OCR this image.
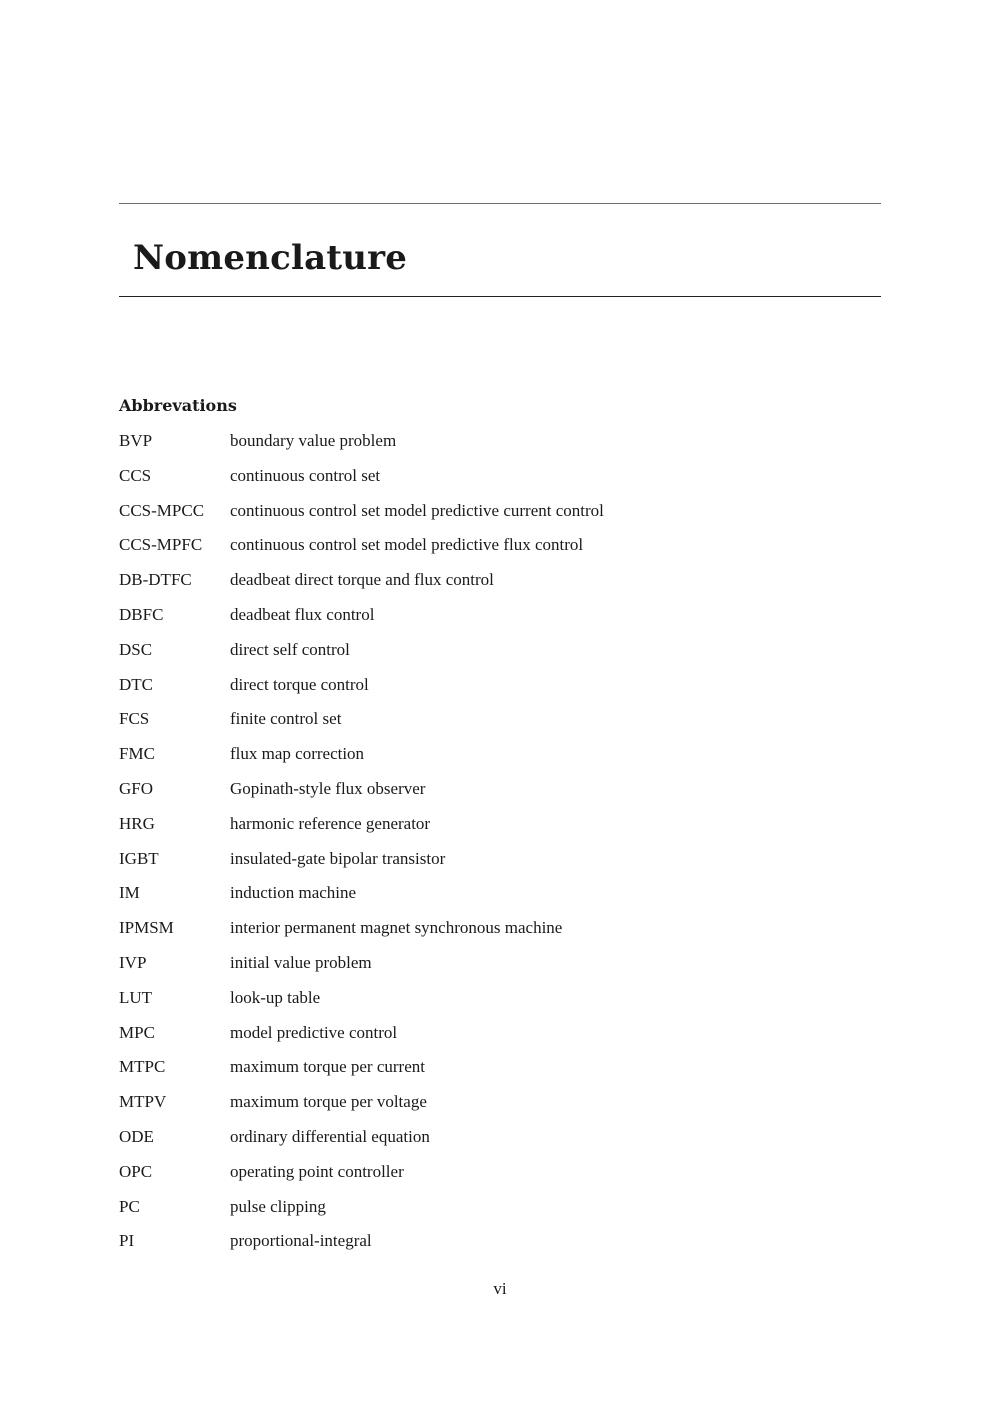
Nomenclature
Abbrevations
BVP	boundary value problem
CCS	continuous control set
CCS-MPCC	continuous control set model predictive current control
CCS-MPFC	continuous control set model predictive flux control
DB-DTFC	deadbeat direct torque and flux control
DBFC	deadbeat flux control
DSC	direct self control
DTC	direct torque control
FCS	finite control set
FMC	flux map correction
GFO	Gopinath-style flux observer
HRG	harmonic reference generator
IGBT	insulated-gate bipolar transistor
IM	induction machine
IPMSM	interior permanent magnet synchronous machine
IVP	initial value problem
LUT	look-up table
MPC	model predictive control
MTPC	maximum torque per current
MTPV	maximum torque per voltage
ODE	ordinary differential equation
OPC	operating point controller
PC	pulse clipping
PI	proportional-integral
vi
